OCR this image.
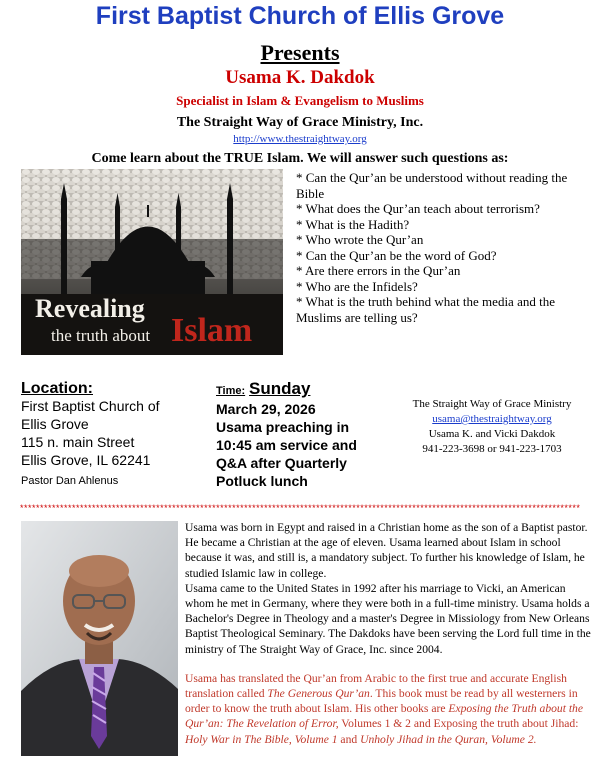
First Baptist Church of Ellis Grove
Presents
Usama K. Dakdok
Specialist in Islam & Evangelism to Muslims
The Straight Way of Grace Ministry, Inc.
http://www.thestraightway.org
Come learn about the TRUE Islam. We will answer such questions as:
Revealing
the truth about Islam
* Can the Qur’an be understood without reading the Bible
* What does the Qur’an teach about terrorism?
* What is the Hadith?
* Who wrote the Qur’an
* Can the Qur’an be the word of God?
* Are there errors in the Qur’an
* Who are the Infidels?
* What is the truth behind what the media and the Muslims are telling us?
Location:
First Baptist Church of
Ellis Grove
115 n. main Street
Ellis Grove, IL 62241
Pastor Dan Ahlenus
Time: Sunday
March 29, 2026
Usama preaching in
10:45 am service and
Q&A after Quarterly
Potluck lunch
The Straight Way of Grace Ministry
usama@thestraightway.org
Usama K. and Vicki Dakdok
941-223-3698 or 941-223-1703
********************************************************************************************************************************************

Usama was born in Egypt and raised in a Christian home as the son of a Baptist pastor. He became a Christian at the age of eleven. Usama learned about Islam in school because it was, and still is, a mandatory subject. To further his knowledge of Islam, he studied Islamic law in college.

Usama came to the United States in 1992 after his marriage to Vicki, an American whom he met in Germany, where they were both in a full-time ministry. Usama holds a Bachelor's Degree in Theology and a master's Degree in Missiology from New Orleans Baptist Theological Seminary. The Dakdoks have been serving the Lord full time in the ministry of The Straight Way of Grace, Inc. since 2004.

Usama has translated the Qur’an from Arabic to the first true and accurate English translation called The Generous Qur’an. This book must be read by all westerners in order to know the truth about Islam. His other books are Exposing the Truth about the Qur’an: The Revelation of Error, Volumes 1 & 2 and Exposing the truth about Jihad: Holy War in The Bible, Volume 1 and Unholy Jihad in the Quran, Volume 2.
